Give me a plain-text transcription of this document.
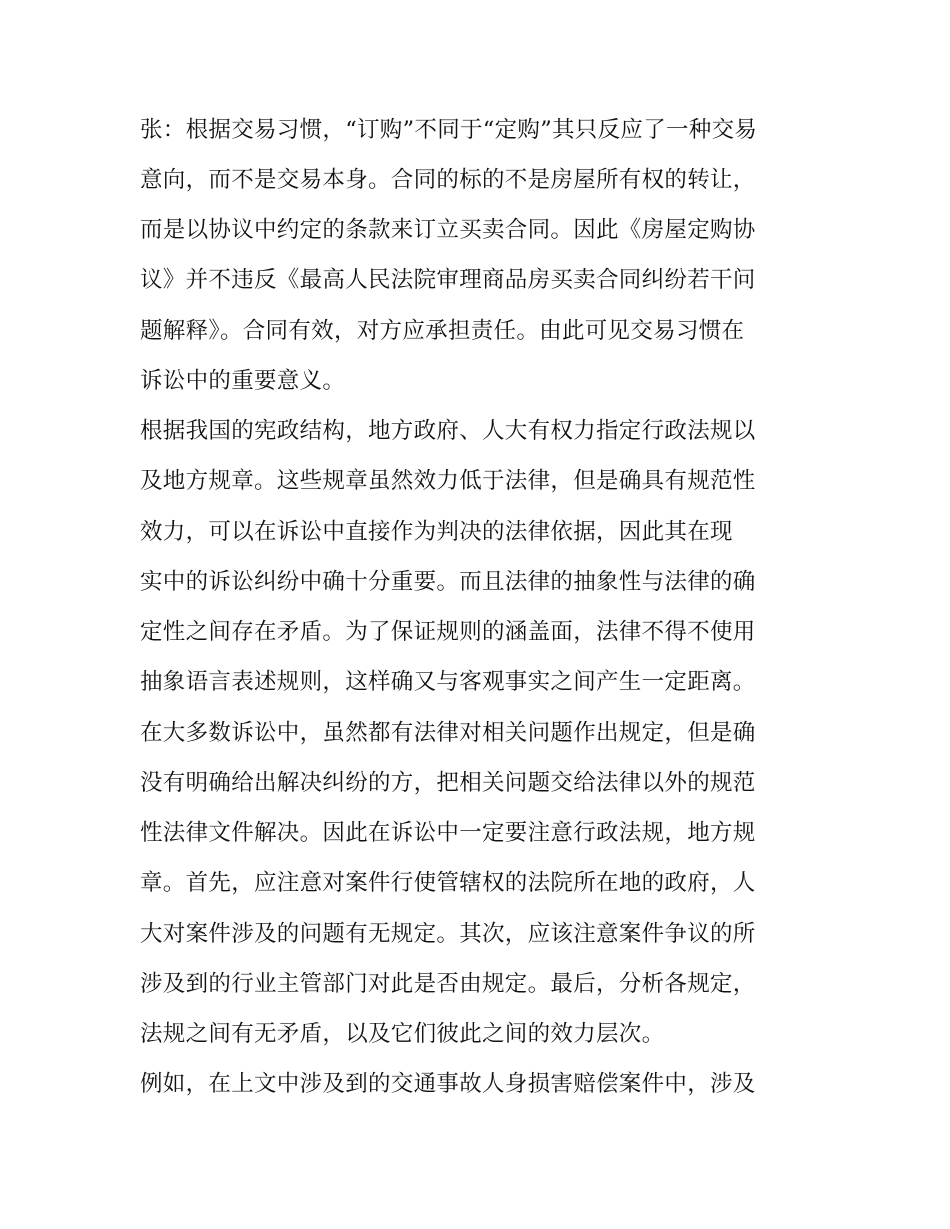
张：根据交易习惯，“订购”不同于“定购”其只反应了一种交易
意向，而不是交易本身。合同的标的不是房屋所有权的转让，
而是以协议中约定的条款来订立买卖合同。因此《房屋定购协
议》并不违反《最高人民法院审理商品房买卖合同纠纷若干问
题解释》。合同有效，对方应承担责任。由此可见交易习惯在
诉讼中的重要意义。
根据我国的宪政结构，地方政府、人大有权力指定行政法规以
及地方规章。这些规章虽然效力低于法律，但是确具有规范性
效力，可以在诉讼中直接作为判决的法律依据，因此其在现
实中的诉讼纠纷中确十分重要。而且法律的抽象性与法律的确
定性之间存在矛盾。为了保证规则的涵盖面，法律不得不使用
抽象语言表述规则，这样确又与客观事实之间产生一定距离。
在大多数诉讼中，虽然都有法律对相关问题作出规定，但是确
没有明确给出解决纠纷的方，把相关问题交给法律以外的规范
性法律文件解决。因此在诉讼中一定要注意行政法规，地方规
章。首先，应注意对案件行使管辖权的法院所在地的政府，人
大对案件涉及的问题有无规定。其次，应该注意案件争议的所
涉及到的行业主管部门对此是否由规定。最后，分析各规定，
法规之间有无矛盾，以及它们彼此之间的效力层次。
例如，在上文中涉及到的交通事故人身损害赔偿案件中，涉及
